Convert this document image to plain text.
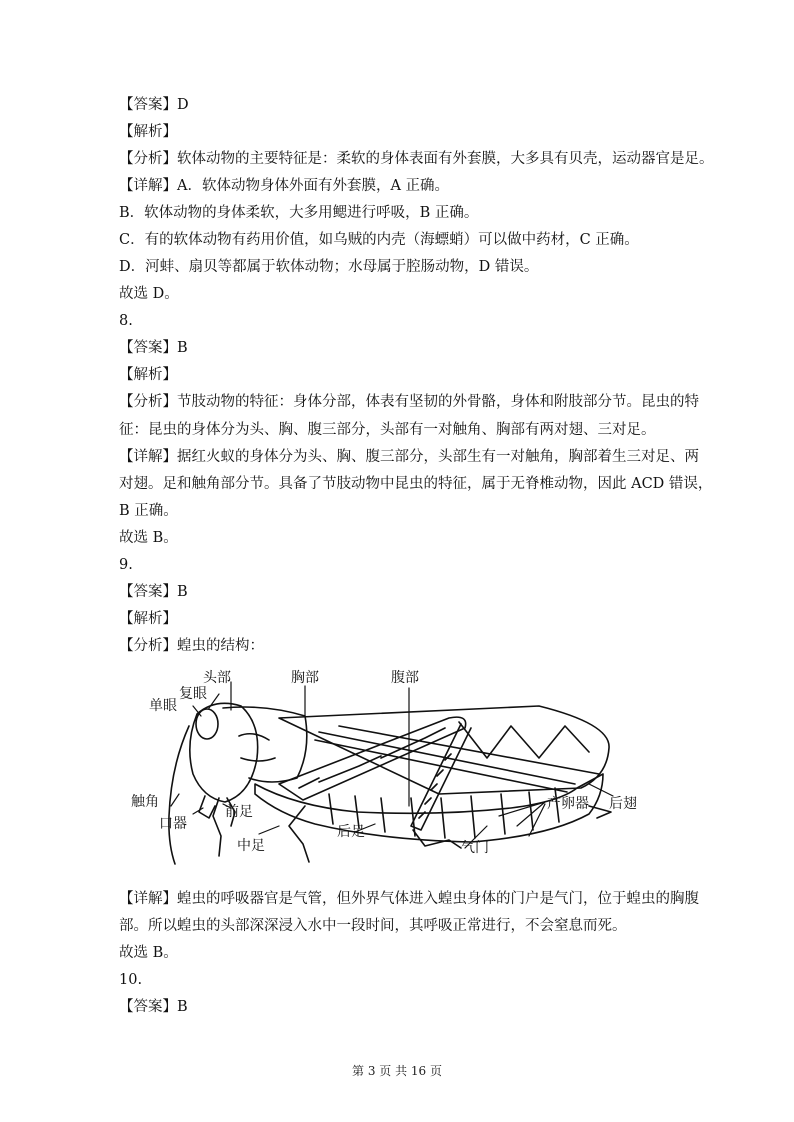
【答案】D
【解析】
【分析】软体动物的主要特征是：柔软的身体表面有外套膜，大多具有贝壳，运动器官是足。
【详解】A．软体动物身体外面有外套膜，A 正确。
B．软体动物的身体柔软，大多用鳃进行呼吸，B 正确。
C．有的软体动物有药用价值，如乌贼的内壳（海螵蛸）可以做中药材，C 正确。
D．河蚌、扇贝等都属于软体动物；水母属于腔肠动物，D 错误。
故选 D。
8.
【答案】B
【解析】
【分析】节肢动物的特征：身体分部，体表有坚韧的外骨骼，身体和附肢部分节。昆虫的特
征：昆虫的身体分为头、胸、腹三部分，头部有一对触角、胸部有两对翅、三对足。
【详解】据红火蚁的身体分为头、胸、腹三部分，头部生有一对触角，胸部着生三对足、两
对翅。足和触角部分节。具备了节肢动物中昆虫的特征，属于无脊椎动物，因此 ACD 错误，
B 正确。
故选 B。
9.
【答案】B
【解析】
【分析】蝗虫的结构：
头部
复眼
单眼
胸部	腹部
触角
口器
前足
中足
后足
气门
产卵器 后翅
【详解】蝗虫的呼吸器官是气管，但外界气体进入蝗虫身体的门户是气门，位于蝗虫的胸腹
部。所以蝗虫的头部深深浸入水中一段时间，其呼吸正常进行，不会窒息而死。
故选 B。
10.
【答案】B
第 3 页 共 16 页
